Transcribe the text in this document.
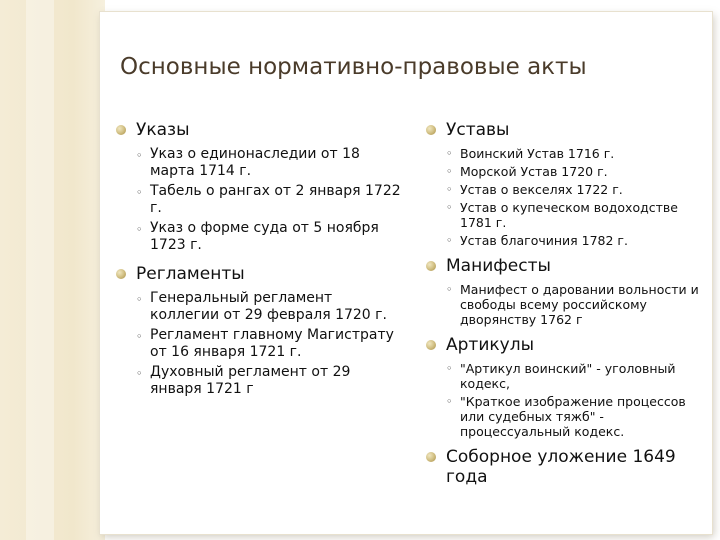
Основные нормативно-правовые акты
Указы
◦ Указ о единонаследии от 18 марта 1714 г.
◦ Табель о рангах от 2 января 1722 г.
◦ Указ о форме суда от 5 ноября 1723 г.
Регламенты
◦ Генеральный регламент коллегии от 29 февраля 1720 г.
◦ Регламент главному Магистрату от 16 января 1721 г.
◦ Духовный регламент от 29 января 1721 г
Уставы
◦ Воинский Устав 1716 г.
◦ Морской Устав 1720 г.
◦ Устав о векселях 1722 г.
◦ Устав о купеческом водоходстве 1781 г.
◦ Устав благочиния 1782 г.
Манифесты
◦ Манифест о даровании вольности и свободы всему российскому дворянству 1762 г
Артикулы
◦ "Артикул воинский" - уголовный кодекс,
◦ "Краткое изображение процессов или судебных тяжб" - процессуальный кодекс.
Соборное уложение 1649 года
